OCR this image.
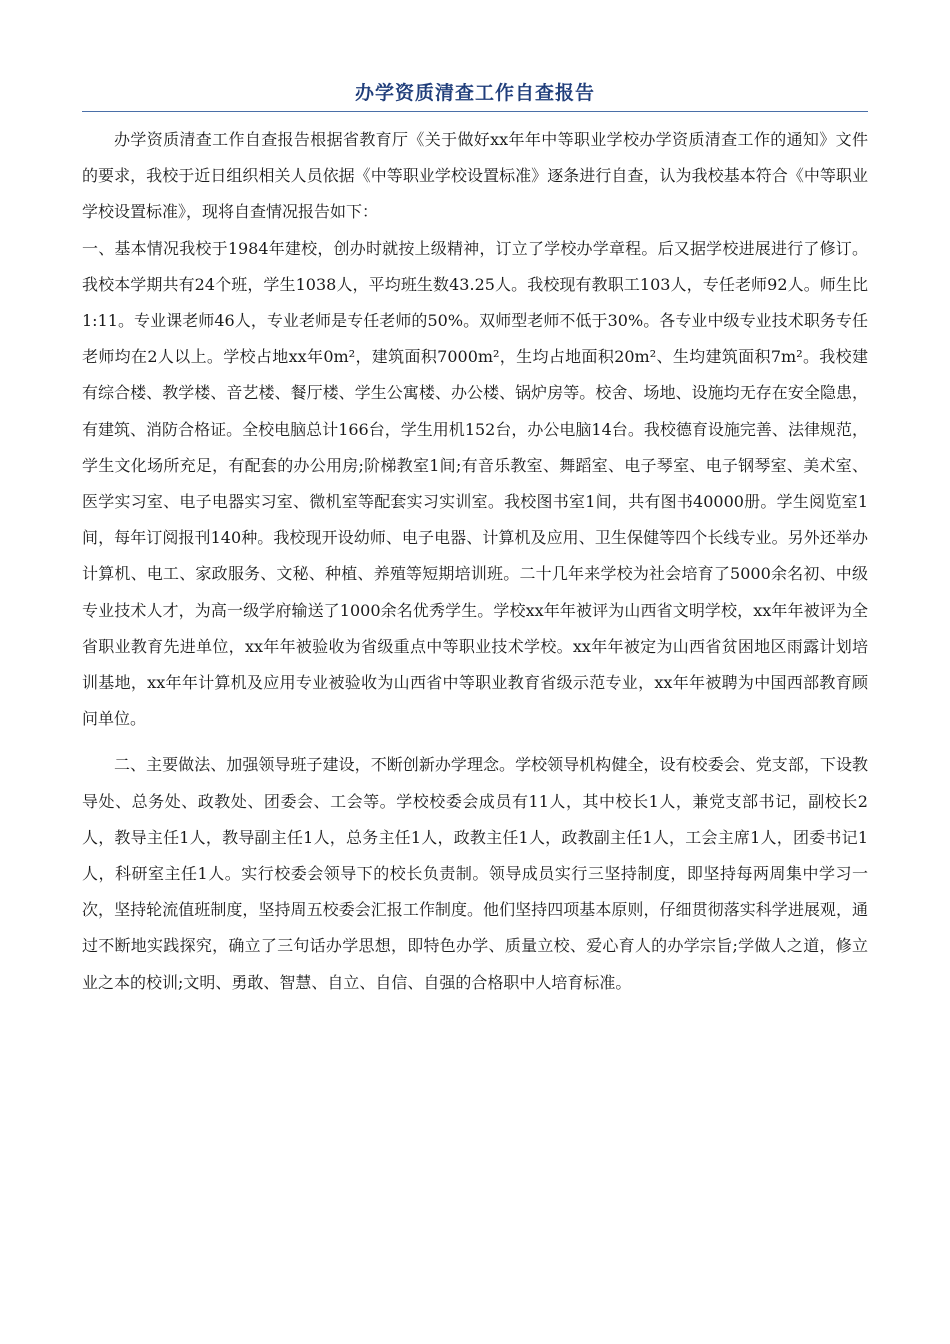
办学资质清查工作自查报告

办学资质清查工作自查报告根据省教育厅《关于做好xx年年中等职业学校办学资质清查工作的通知》文件的要求，我校于近日组织相关人员依据《中等职业学校设置标准》逐条进行自查，认为我校基本符合《中等职业学校设置标准》，现将自查情况报告如下：

一、基本情况我校于1984年建校，创办时就按上级精神，订立了学校办学章程。后又据学校进展进行了修订。我校本学期共有24个班，学生1038人，平均班生数43.25人。我校现有教职工103人，专任老师92人。师生比1:11。专业课老师46人，专业老师是专任老师的50%。双师型老师不低于30%。各专业中级专业技术职务专任老师均在2人以上。学校占地xx年0m²，建筑面积7000m²，生均占地面积20m²、生均建筑面积7m²。我校建有综合楼、教学楼、音艺楼、餐厅楼、学生公寓楼、办公楼、锅炉房等。校舍、场地、设施均无存在安全隐患，有建筑、消防合格证。全校电脑总计166台，学生用机152台，办公电脑14台。我校德育设施完善、法律规范，学生文化场所充足，有配套的办公用房;阶梯教室1间;有音乐教室、舞蹈室、电子琴室、电子钢琴室、美术室、医学实习室、电子电器实习室、微机室等配套实习实训室。我校图书室1间，共有图书40000册。学生阅览室1间，每年订阅报刊140种。我校现开设幼师、电子电器、计算机及应用、卫生保健等四个长线专业。另外还举办计算机、电工、家政服务、文秘、种植、养殖等短期培训班。二十几年来学校为社会培育了5000余名初、中级专业技术人才，为高一级学府输送了1000余名优秀学生。学校xx年年被评为山西省文明学校，xx年年被评为全省职业教育先进单位，xx年年被验收为省级重点中等职业技术学校。xx年年被定为山西省贫困地区雨露计划培训基地，xx年年计算机及应用专业被验收为山西省中等职业教育省级示范专业，xx年年被聘为中国西部教育顾问单位。

二、主要做法、加强领导班子建设，不断创新办学理念。学校领导机构健全，设有校委会、党支部，下设教导处、总务处、政教处、团委会、工会等。学校校委会成员有11人，其中校长1人，兼党支部书记，副校长2人，教导主任1人，教导副主任1人，总务主任1人，政教主任1人，政教副主任1人，工会主席1人，团委书记1人，科研室主任1人。实行校委会领导下的校长负责制。领导成员实行三坚持制度，即坚持每两周集中学习一次，坚持轮流值班制度，坚持周五校委会汇报工作制度。他们坚持四项基本原则，仔细贯彻落实科学进展观，通过不断地实践探究，确立了三句话办学思想，即特色办学、质量立校、爱心育人的办学宗旨;学做人之道，修立业之本的校训;文明、勇敢、智慧、自立、自信、自强的合格职中人培育标准。
